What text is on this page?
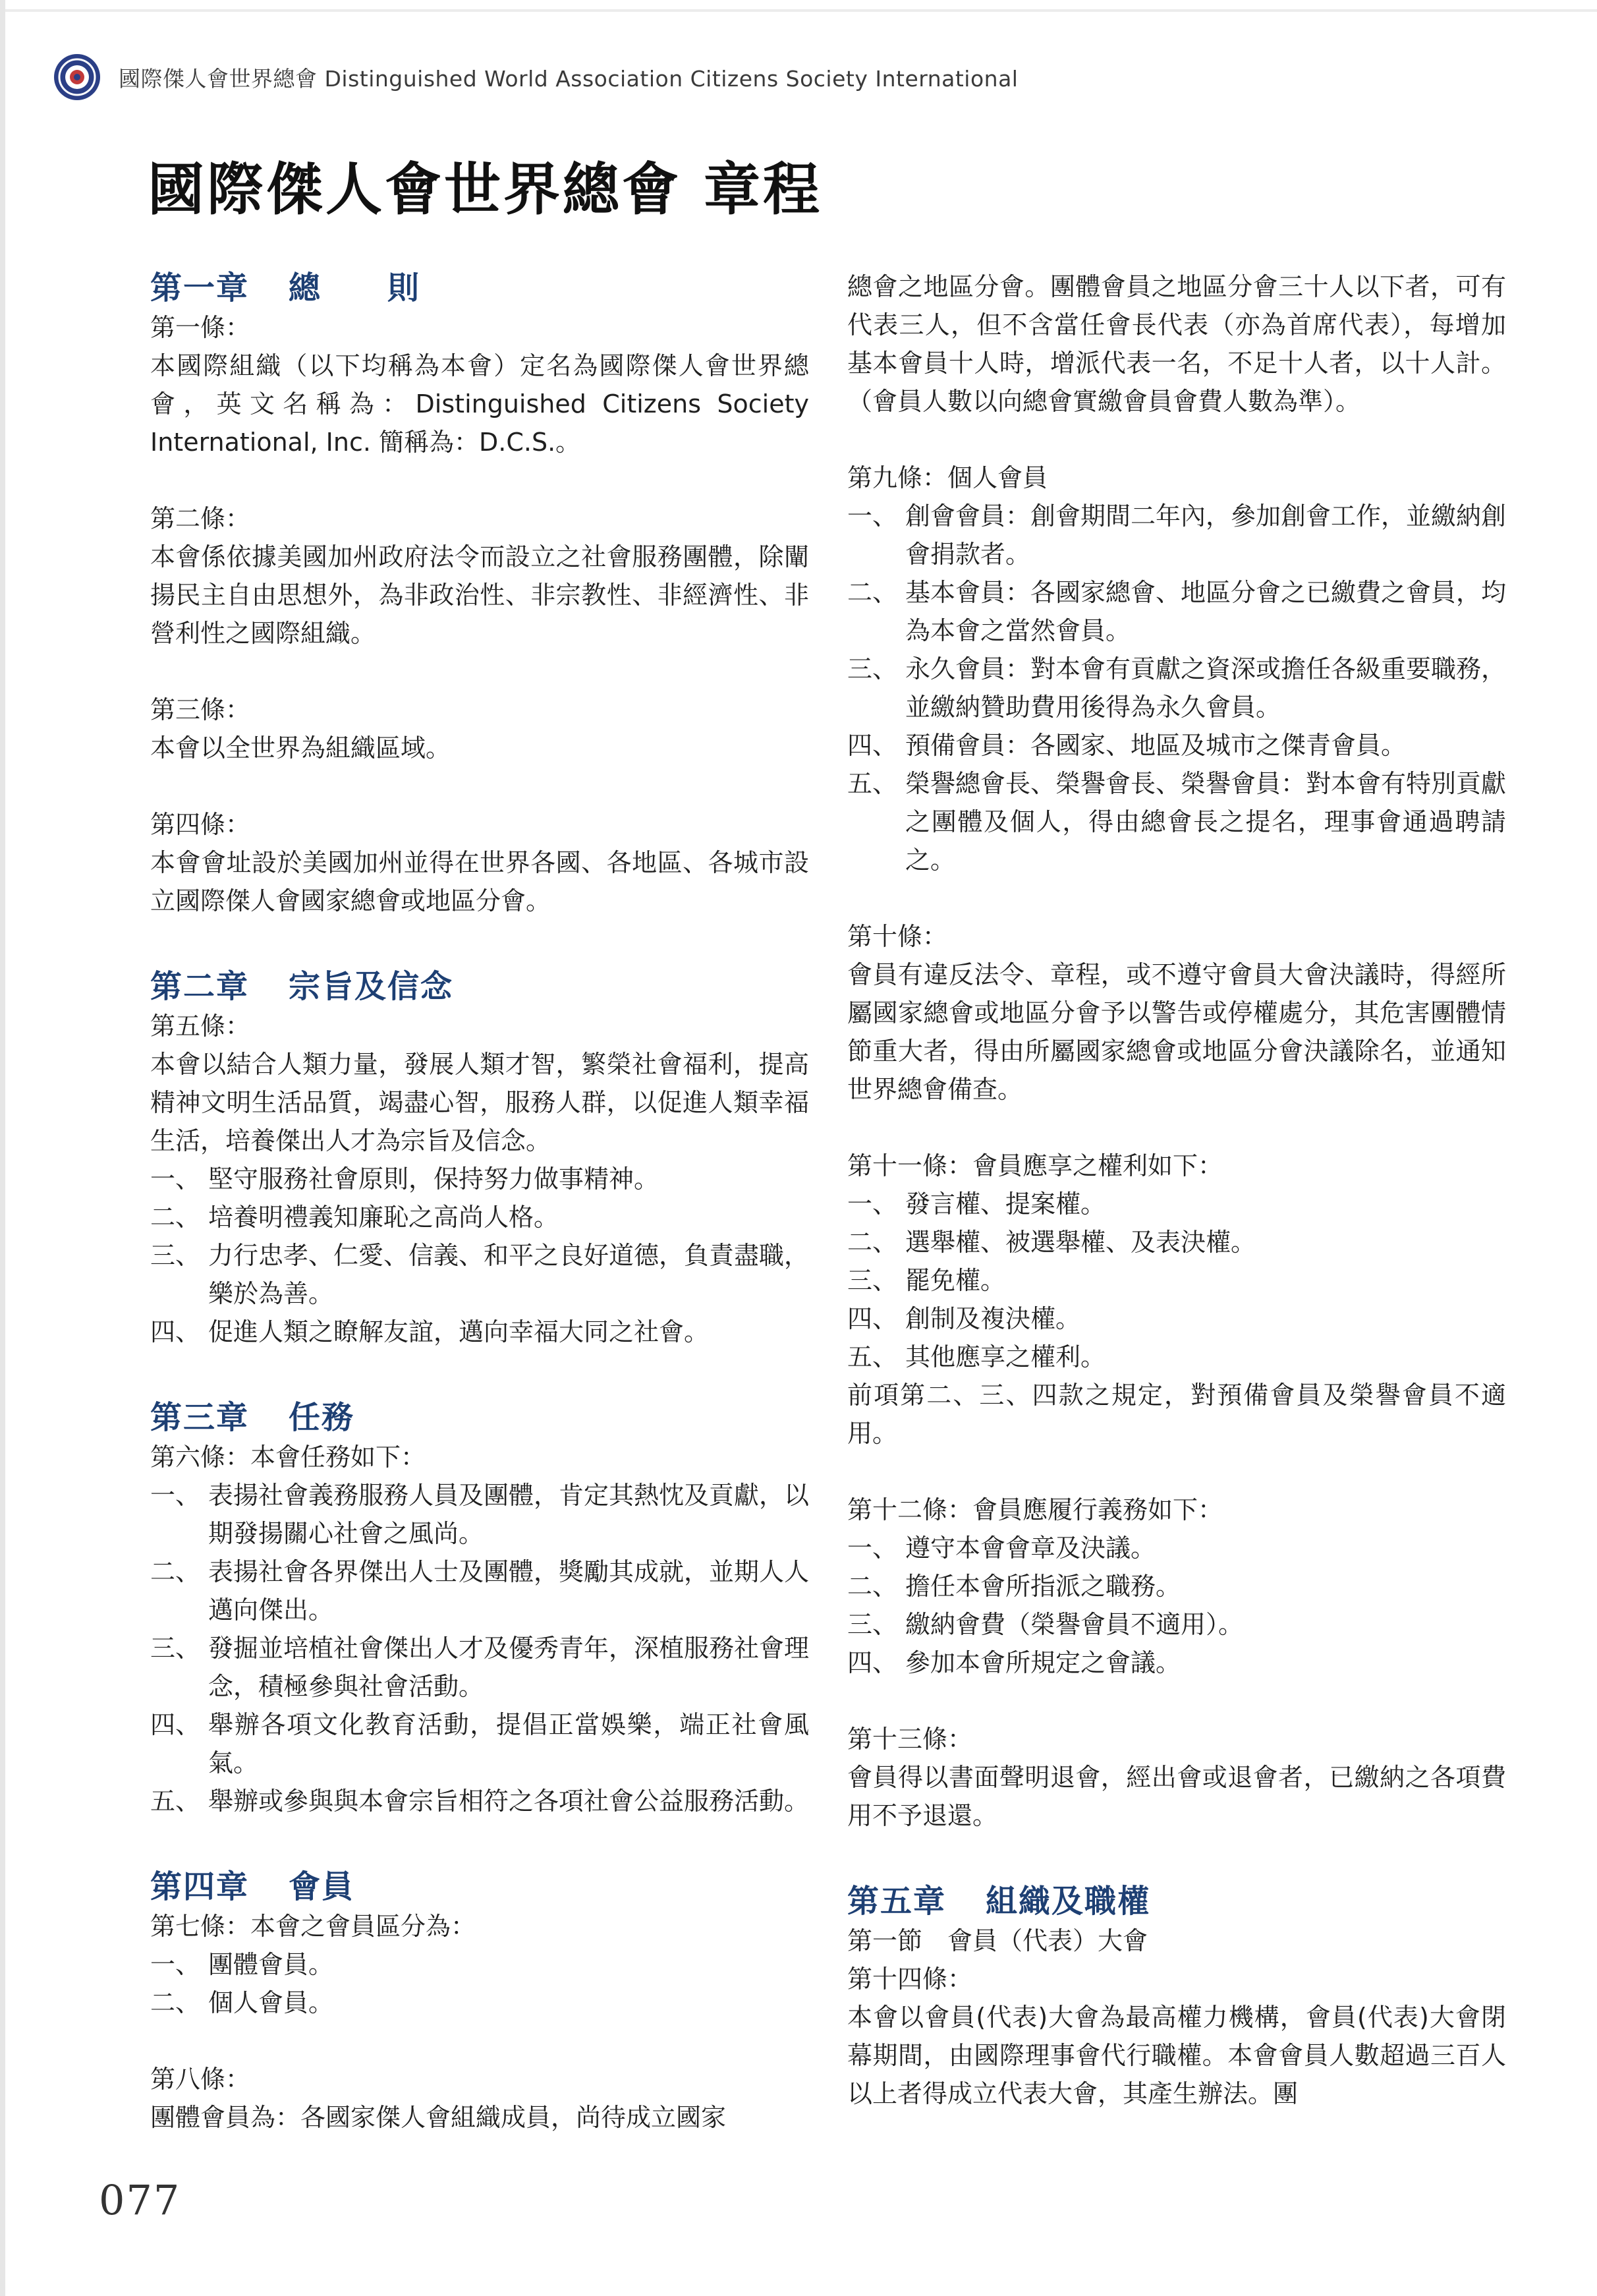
國際傑人會世界總會 Distinguished World Association Citizens Society International
國際傑人會世界總會 章程
第一章 總　　則
第一條：

本國際組織（以下均稱為本會）定名為國際傑人會世界總會，英文名稱為：Distinguished Citizens Society International, Inc. 簡稱為：D.C.S.。

第二條：

本會係依據美國加州政府法令而設立之社會服務團體，除闡揚民主自由思想外，為非政治性、非宗教性、非經濟性、非營利性之國際組織。

第三條：

本會以全世界為組織區域。

第四條：

本會會址設於美國加州並得在世界各國、各地區、各城市設立國際傑人會國家總會或地區分會。

第二章 宗旨及信念
第五條：

本會以結合人類力量，發展人類才智，繁榮社會福利，提高精神文明生活品質，竭盡心智，服務人群，以促進人類幸福生活，培養傑出人才為宗旨及信念。

一、 堅守服務社會原則，保持努力做事精神。
二、 培養明禮義知廉恥之高尚人格。
三、 力行忠孝、仁愛、信義、和平之良好道德，負責盡職，樂於為善。
四、 促進人類之瞭解友誼，邁向幸福大同之社會。
第三章 任務
第六條：本會任務如下：
一、 表揚社會義務服務人員及團體，肯定其熱忱及貢獻，以期發揚關心社會之風尚。
二、 表揚社會各界傑出人士及團體，獎勵其成就，並期人人邁向傑出。
三、 發掘並培植社會傑出人才及優秀青年，深植服務社會理念，積極參與社會活動。
四、 舉辦各項文化教育活動，提倡正當娛樂，端正社會風氣。
五、 舉辦或參與與本會宗旨相符之各項社會公益服務活動。
第四章 會員
第七條：本會之會員區分為：
一、 團體會員。
二、 個人會員。
第八條：

團體會員為：各國家傑人會組織成員，尚待成立國家

總會之地區分會。團體會員之地區分會三十人以下者，可有代表三人，但不含當任會長代表（亦為首席代表），每增加基本會員十人時，增派代表一名，不足十人者，以十人計。（會員人數以向總會實繳會員會費人數為準）。

第九條：個人會員
一、 創會會員：創會期間二年內，參加創會工作，並繳納創會捐款者。
二、 基本會員：各國家總會、地區分會之已繳費之會員，均為本會之當然會員。
三、 永久會員：對本會有貢獻之資深或擔任各級重要職務，並繳納贊助費用後得為永久會員。
四、 預備會員：各國家、地區及城市之傑青會員。
五、 榮譽總會長、榮譽會長、榮譽會員：對本會有特別貢獻之團體及個人，得由總會長之提名，理事會通過聘請之。
第十條：

會員有違反法令、章程，或不遵守會員大會決議時，得經所屬國家總會或地區分會予以警告或停權處分，其危害團體情節重大者，得由所屬國家總會或地區分會決議除名，並通知世界總會備查。

第十一條：會員應享之權利如下：
一、 發言權、提案權。
二、 選舉權、被選舉權、及表決權。
三、 罷免權。
四、 創制及複決權。
五、 其他應享之權利。

前項第二、三、四款之規定，對預備會員及榮譽會員不適用。

第十二條：會員應履行義務如下：
一、 遵守本會會章及決議。
二、 擔任本會所指派之職務。
三、 繳納會費（榮譽會員不適用）。
四、 參加本會所規定之會議。
第十三條：

會員得以書面聲明退會，經出會或退會者，已繳納之各項費用不予退還。

第五章 組織及職權
第一節　會員（代表）大會
第十四條：

本會以會員(代表)大會為最高權力機構，會員(代表)大會閉幕期間，由國際理事會代行職權。本會會員人數超過三百人以上者得成立代表大會，其產生辦法。團

077
